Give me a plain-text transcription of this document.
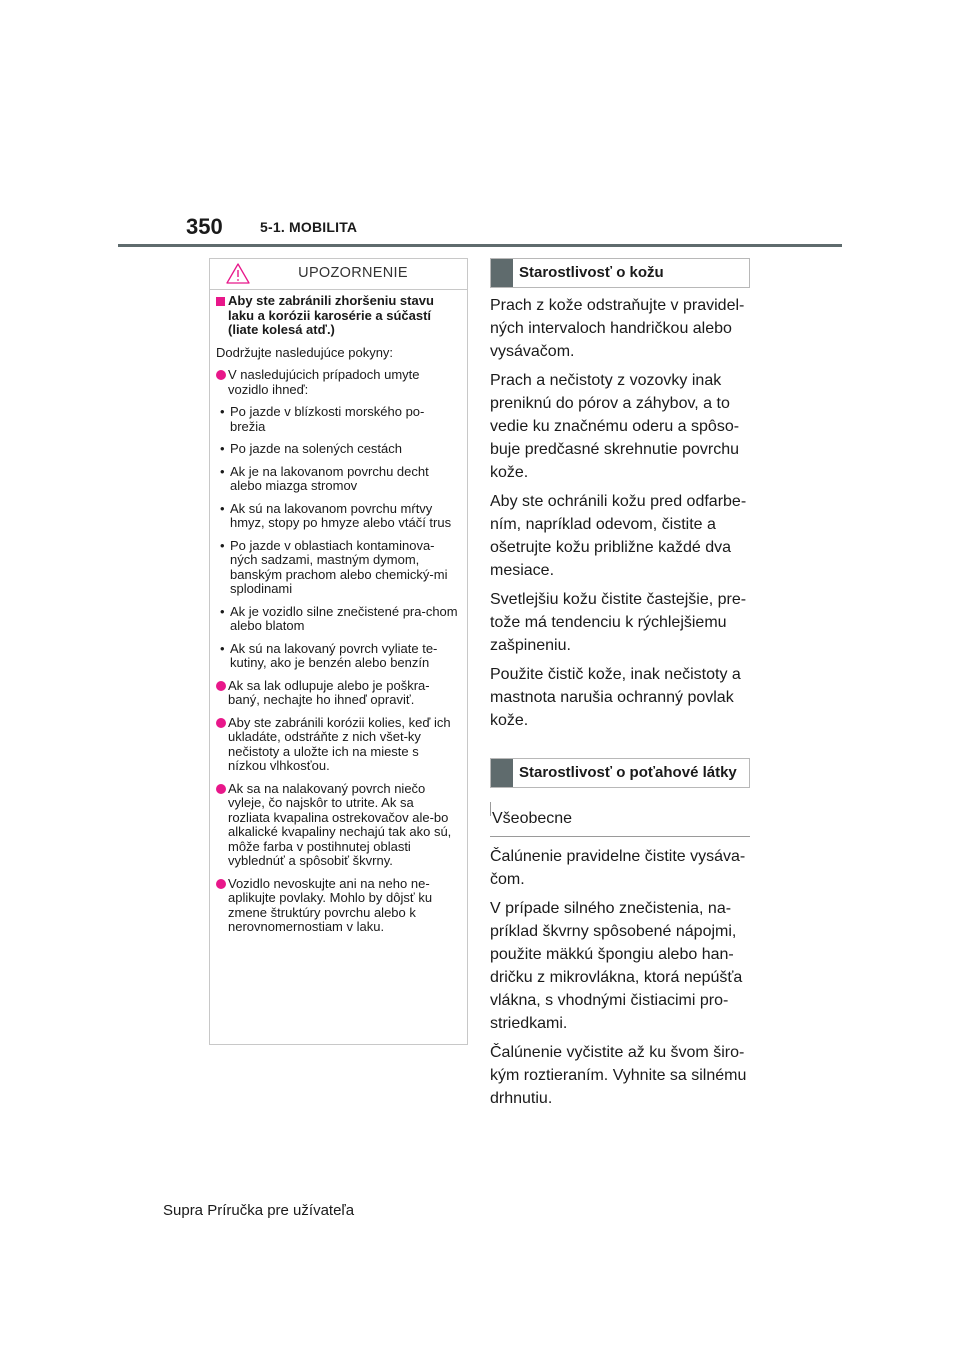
350	5-1. MOBILITA
UPOZORNENIE
Aby ste zabránili zhoršeniu stavu laku a korózii karosérie a súčastí (liate kolesá atď.)
Dodržujte nasledujúce pokyny:
V nasledujúcich prípadoch umyte vozidlo ihneď:
• Po jazde v blízkosti morského po-brežia
• Po jazde na solených cestách
• Ak je na lakovanom povrchu decht alebo miazga stromov
• Ak sú na lakovanom povrchu mŕtvy hmyz, stopy po hmyze alebo vtáčí trus
• Po jazde v oblastiach kontaminova-ných sadzami, mastným dymom, banským prachom alebo chemický-mi splodinami
• Ak je vozidlo silne znečistené pra-chom alebo blatom
• Ak sú na lakovaný povrch vyliate te-kutiny, ako je benzén alebo benzín
Ak sa lak odlupuje alebo je poškra-baný, nechajte ho ihneď opraviť.
Aby ste zabránili korózii kolies, keď ich ukladáte, odstráňte z nich všet-ky nečistoty a uložte ich na mieste s nízkou vlhkosťou.
Ak sa na nalakovaný povrch niečo vyleje, čo najskôr to utrite. Ak sa rozliata kvapalina ostrekovačov ale-bo alkalické kvapaliny nechajú tak ako sú, môže farba v postihnutej oblasti vyblednúť a spôsobiť škvrny.
Vozidlo nevoskujte ani na neho ne-aplikujte povlaky. Mohlo by dôjsť ku zmene štruktúry povrchu alebo k nerovnomernostiam v laku.
Starostlivosť o kožu

Prach z kože odstraňujte v pravidel-ných intervaloch handričkou alebo vysávačom.

Prach a nečistoty z vozovky inak preniknú do pórov a záhybov, a to vedie ku značnému oderu a spôso-buje predčasné skrehnutie povrchu kože.

Aby ste ochránili kožu pred odfarbe-ním, napríklad odevom, čistite a ošetrujte kožu približne každé dva mesiace.

Svetlejšiu kožu čistite častejšie, pre-tože má tendenciu k rýchlejšiemu zašpineniu.

Použite čistič kože, inak nečistoty a mastnota narušia ochranný povlak kože.

Starostlivosť o poťahové látky
Všeobecne

Čalúnenie pravidelne čistite vysáva-čom.

V prípade silného znečistenia, na-príklad škvrny spôsobené nápojmi, použite mäkkú špongiu alebo han-dričku z mikrovlákna, ktorá nepúšťa vlákna, s vhodnými čistiacimi pro-striedkami.

Čalúnenie vyčistite až ku švom širo-kým roztieraním. Vyhnite sa silnému drhnutiu.

Supra Príručka pre užívateľa
